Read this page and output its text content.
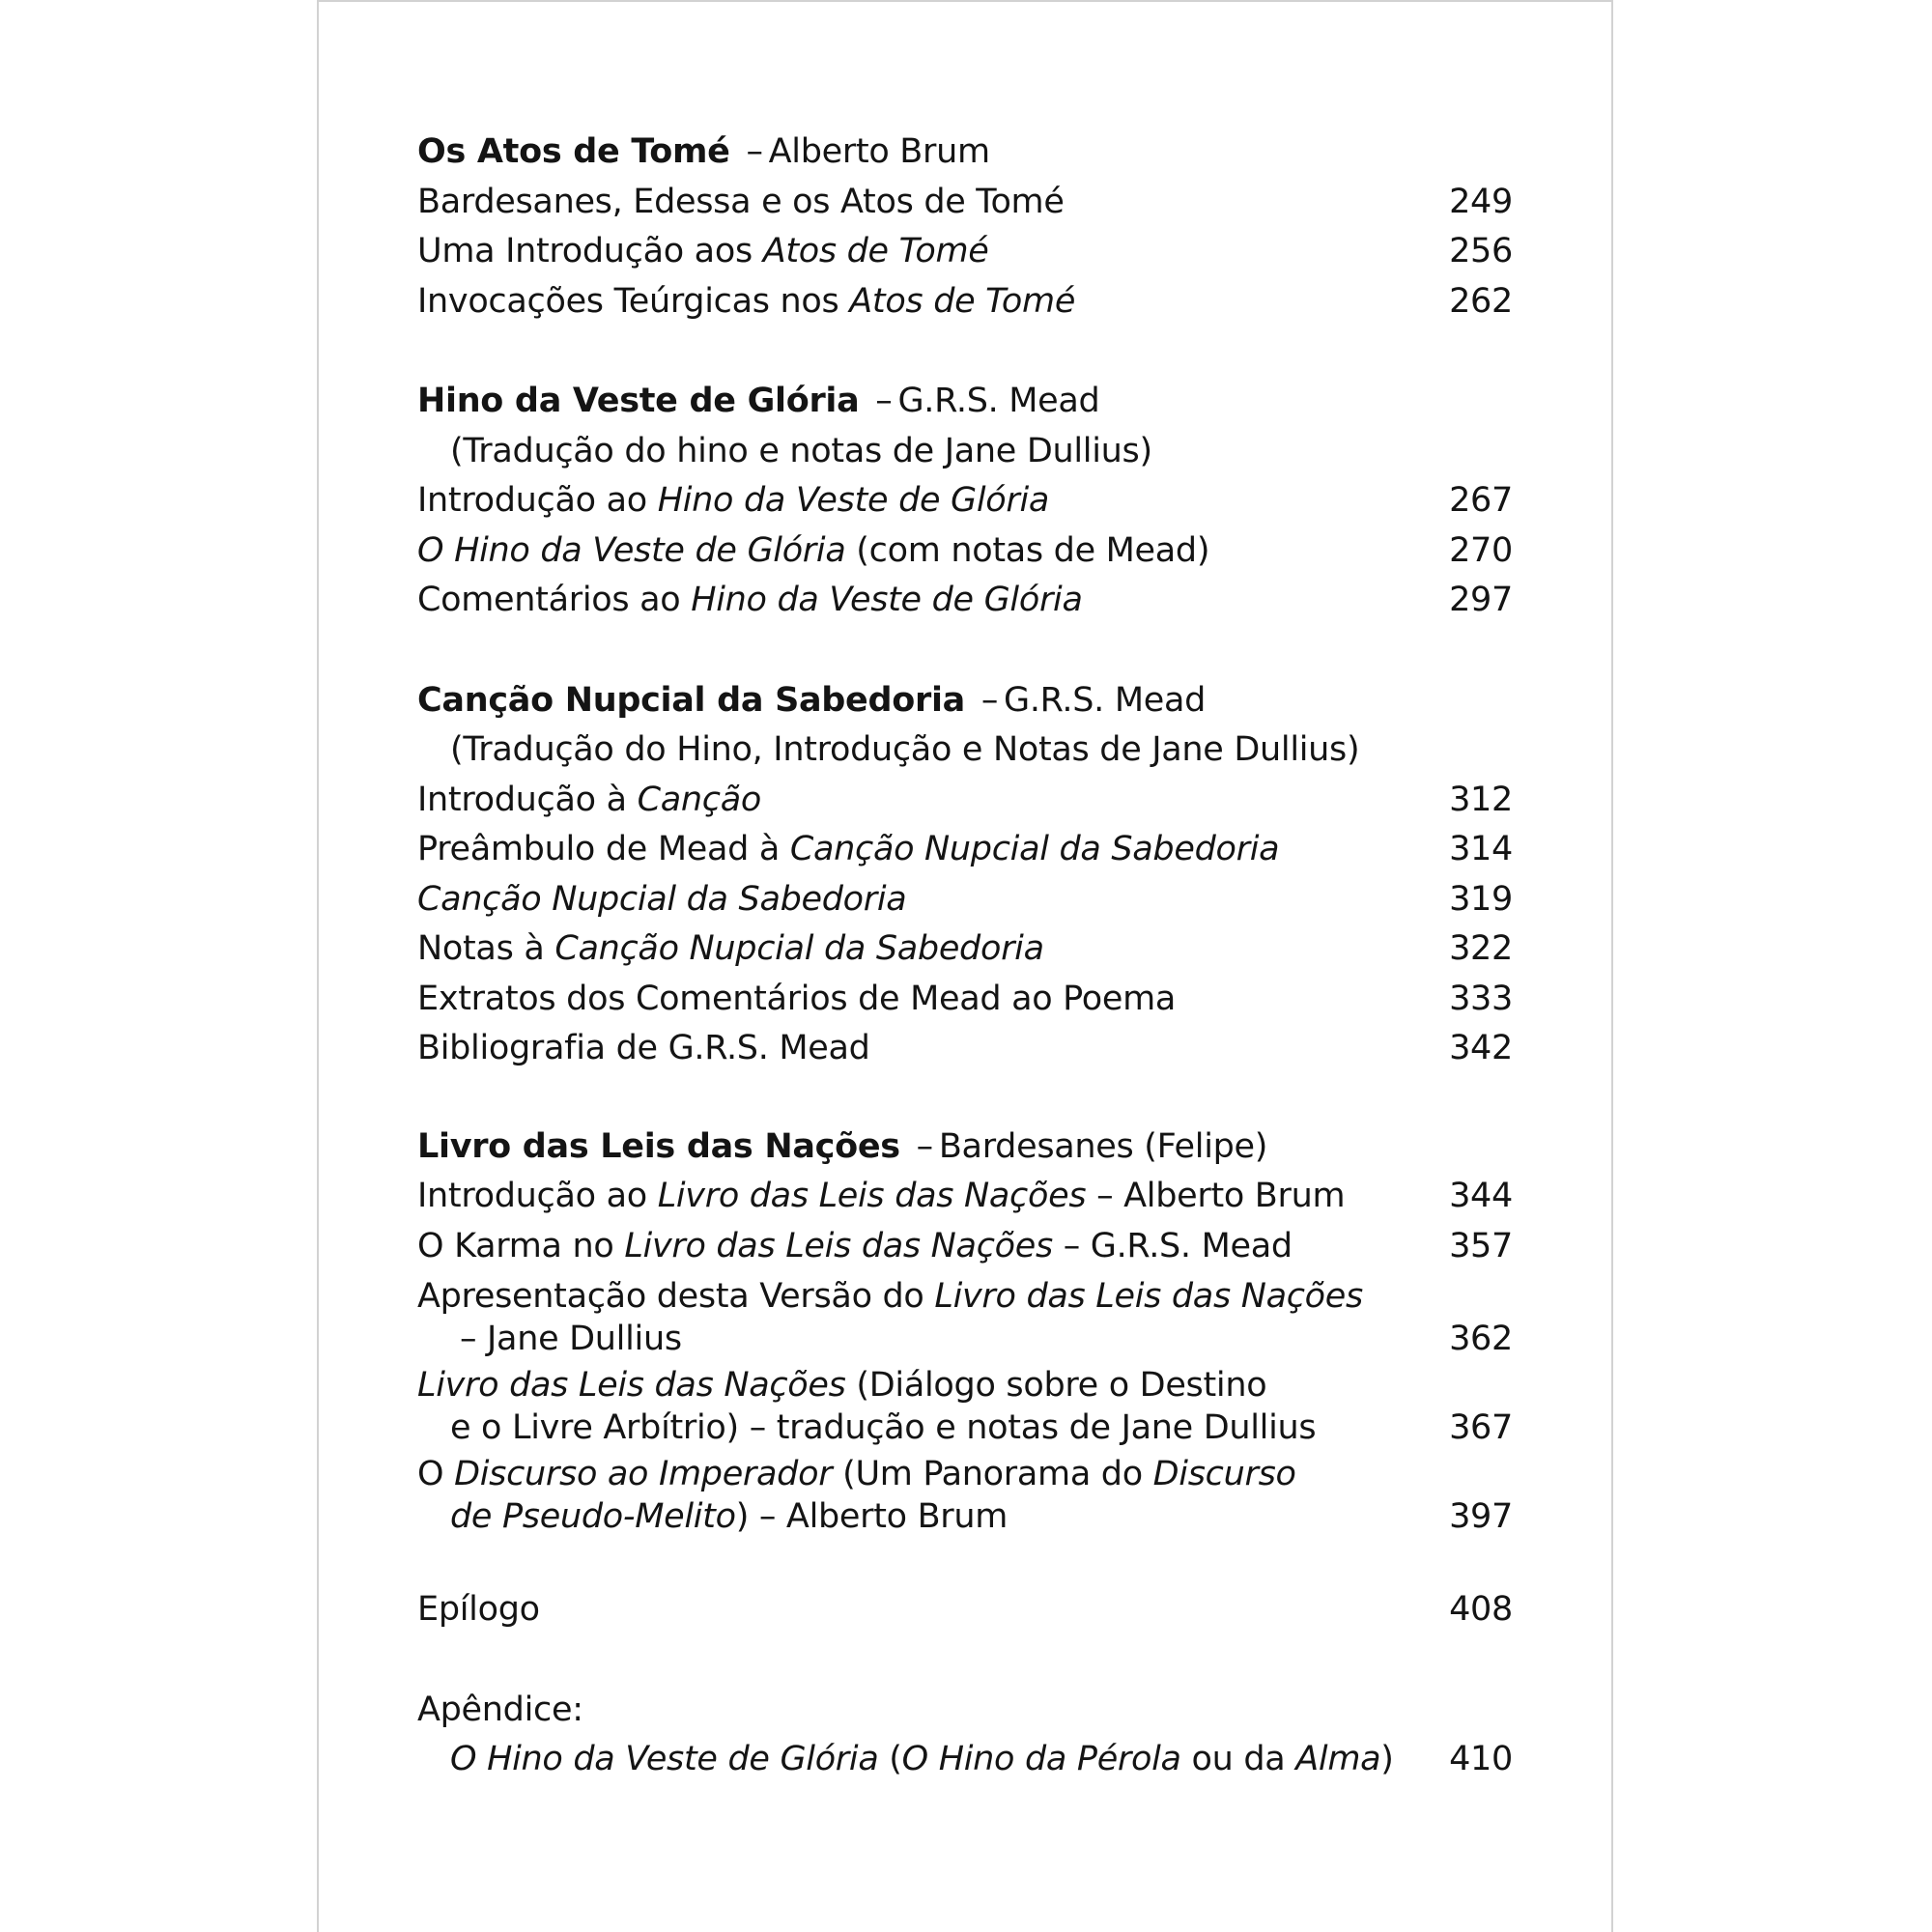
Os Atos de Tomé – Alberto Brum
Bardesanes, Edessa e os Atos de Tomé	249
Uma Introdução aos Atos de Tomé	256
Invocações Teúrgicas nos Atos de Tomé	262
Hino da Veste de Glória – G.R.S. Mead
(Tradução do hino e notas de Jane Dullius)
Introdução ao Hino da Veste de Glória	267
O Hino da Veste de Glória (com notas de Mead)	270
Comentários ao Hino da Veste de Glória	297
Canção Nupcial da Sabedoria – G.R.S. Mead
(Tradução do Hino, Introdução e Notas de Jane Dullius)
Introdução à Canção	312
Preâmbulo de Mead à Canção Nupcial da Sabedoria	314
Canção Nupcial da Sabedoria	319
Notas à Canção Nupcial da Sabedoria	322
Extratos dos Comentários de Mead ao Poema	333
Bibliografia de G.R.S. Mead	342
Livro das Leis das Nações – Bardesanes (Felipe)
Introdução ao Livro das Leis das Nações – Alberto Brum	344
O Karma no Livro das Leis das Nações – G.R.S. Mead	357
Apresentação desta Versão do Livro das Leis das Nações
– Jane Dullius	362
Livro das Leis das Nações (Diálogo sobre o Destino
e o Livre Arbítrio) – tradução e notas de Jane Dullius	367
O Discurso ao Imperador (Um Panorama do Discurso
de Pseudo-Melito) – Alberto Brum	397
Epílogo	408
Apêndice:
O Hino da Veste de Glória (O Hino da Pérola ou da Alma)	410
